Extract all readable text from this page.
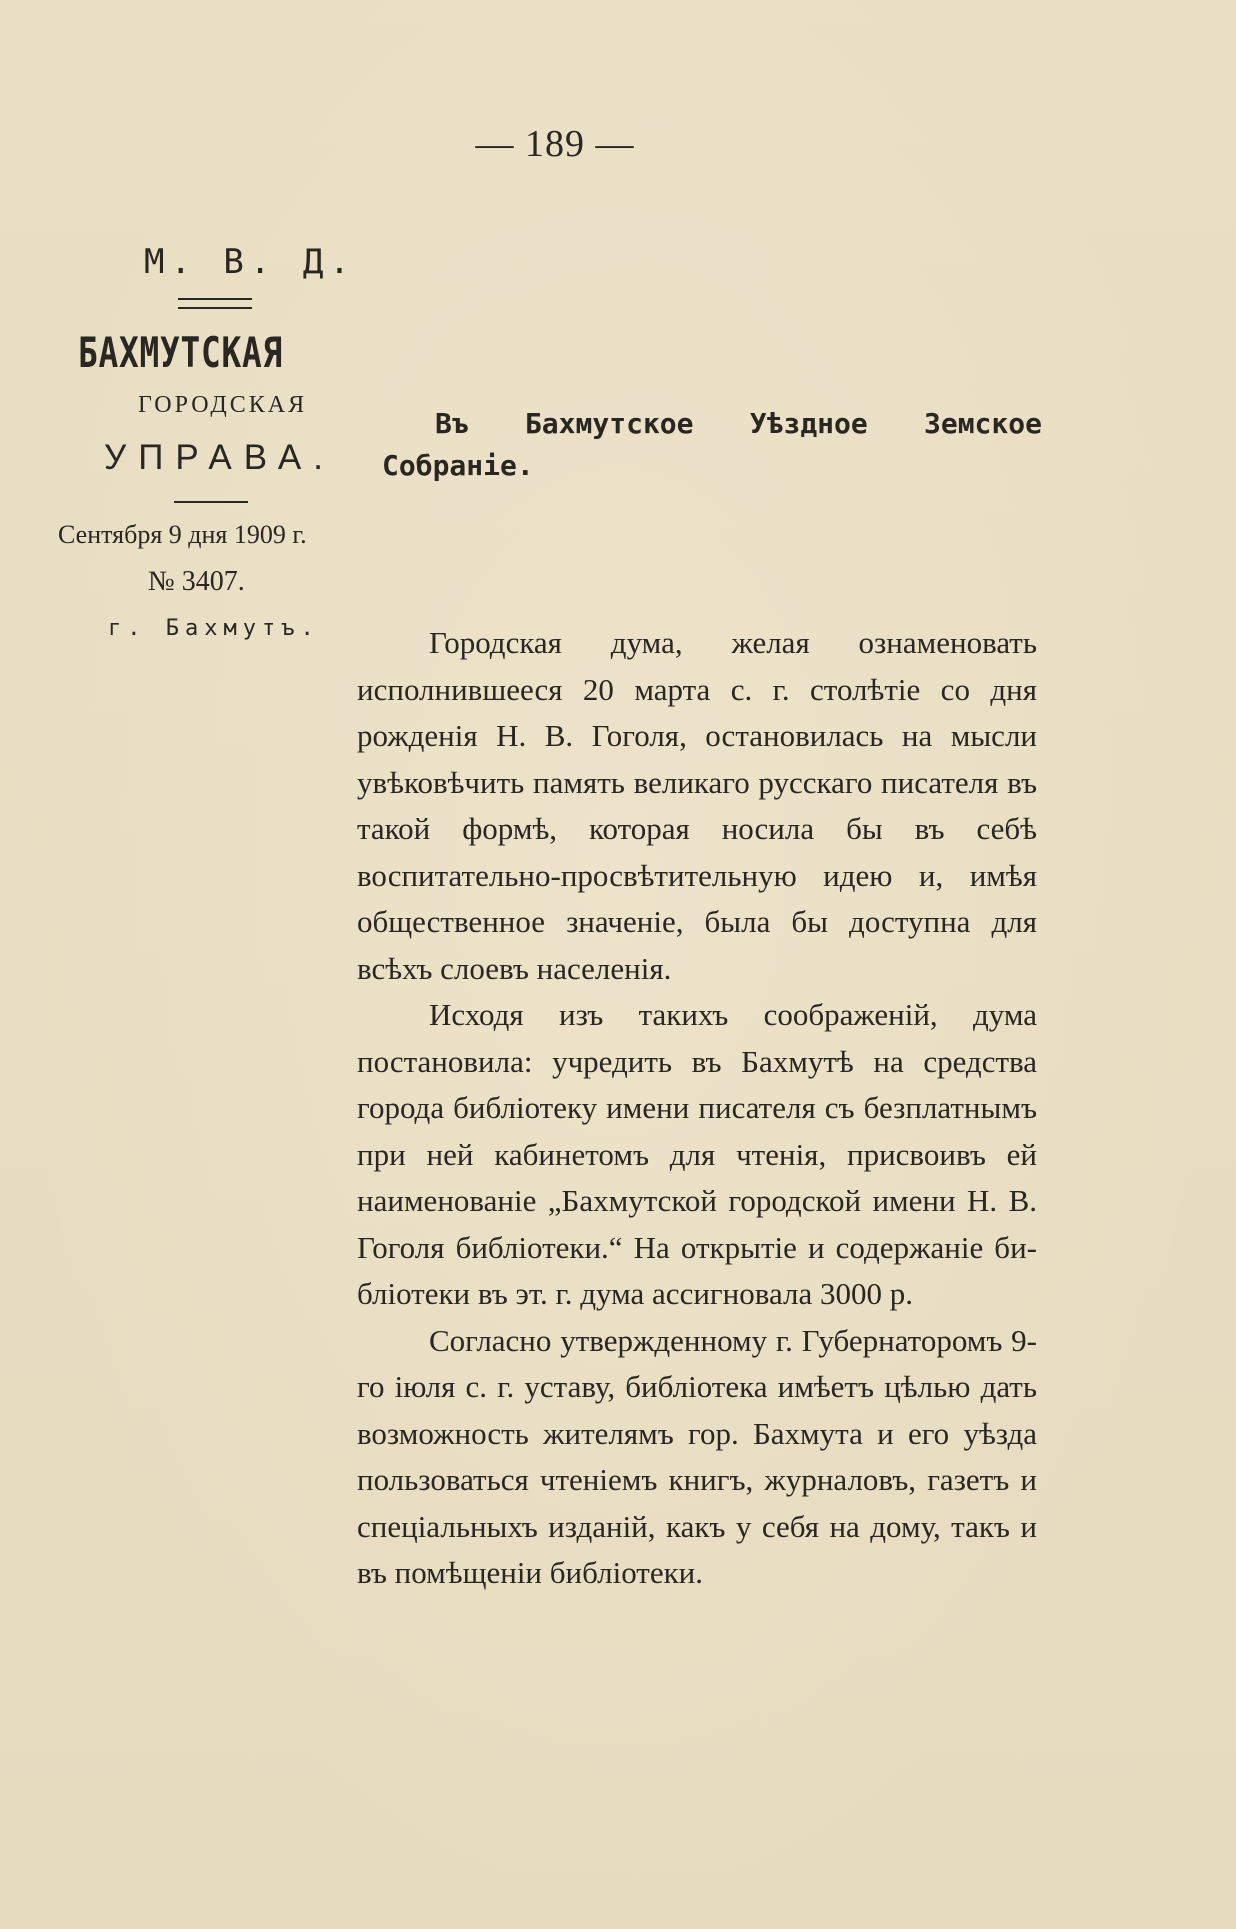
— 189 —
М. В. Д.
БАХМУТСКАЯ
ГОРОДСКАЯ
УПРАВА.
Сентября 9 дня 1909 г.
№ 3407.
г. Бахмутъ.
Въ Бахмутское Уѣздное Земское
Собраніе.

Городская дума, желая ознаменовать исполнившееся 20 марта с. г. столѣтіе со дня рожденія Н. В. Гоголя, остановилась на мысли увѣковѣчить память великаго русскаго писателя въ такой формѣ, которая носила бы въ себѣ воспитательно-просвѣтительную идею и, имѣя общественное значеніе, была бы доступна для всѣхъ слоевъ населенія.

Исходя изъ такихъ соображеній, дума постановила: учредить въ Бахмутѣ на средства города библіотеку имени писателя съ безплатнымъ при ней кабинетомъ для чтенія, присвоивъ ей наименованіе „Бахмутской городской имени Н. В. Гоголя библіотеки.“ На открытіе и содержаніе библіотеки въ эт. г. дума ассигновала 3000 р.

Согласно утвержденному г. Губернаторомъ 9-го іюля с. г. уставу, библіотека имѣетъ цѣлью дать возможность жителямъ гор. Бахмута и его уѣзда пользоваться чтеніемъ книгъ, журналовъ, газетъ и спеціальныхъ изданій, какъ у себя на дому, такъ и въ помѣщеніи библіотеки.
